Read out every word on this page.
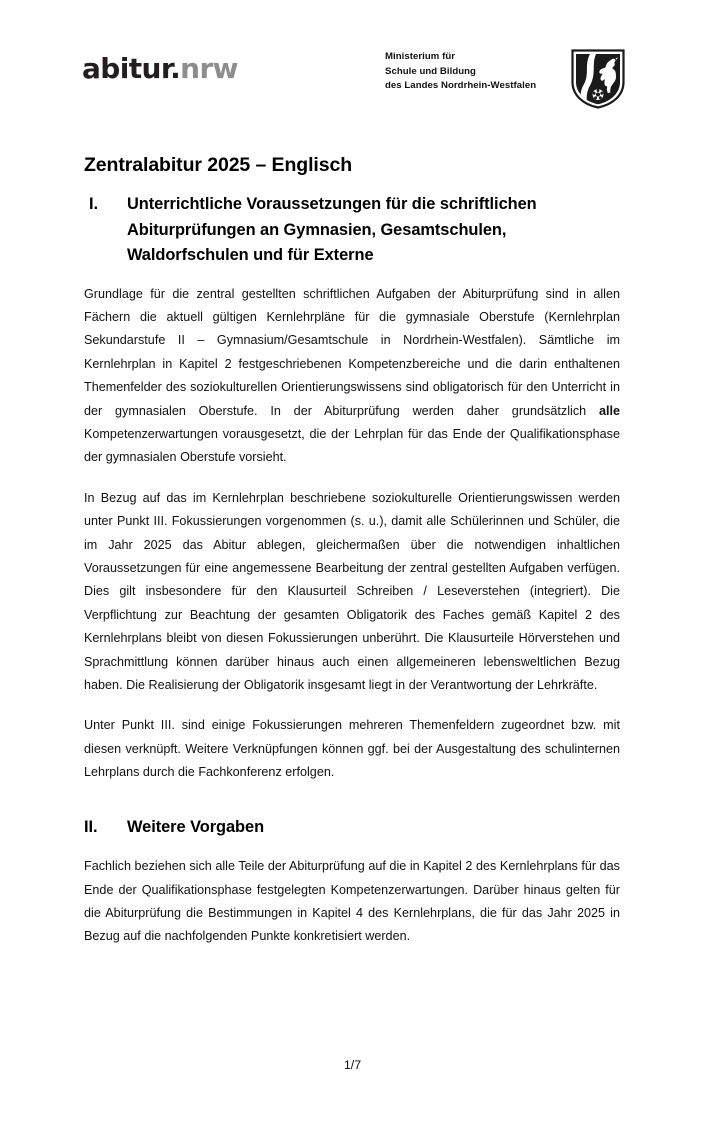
abitur.nrw	Ministerium für
Schule und Bildung
des Landes Nordrhein-Westfalen
Zentralabitur 2025 – Englisch
I.	Unterrichtliche Voraussetzungen für die schriftlichen Abiturprüfungen an Gymnasien, Gesamtschulen, Waldorfschulen und für Externe

Grundlage für die zentral gestellten schriftlichen Aufgaben der Abiturprüfung sind in allen Fächern die aktuell gültigen Kernlehrpläne für die gymnasiale Oberstufe (Kernlehrplan Sekundarstufe II – Gymnasium/Gesamtschule in Nordrhein-Westfalen). Sämtliche im Kernlehrplan in Kapitel 2 festgeschriebenen Kompetenzbereiche und die darin enthaltenen Themenfelder des soziokulturellen Orientierungswissens sind obligatorisch für den Unterricht in der gymnasialen Oberstufe. In der Abiturprüfung werden daher grundsätzlich alle Kompetenzerwartungen vorausgesetzt, die der Lehrplan für das Ende der Qualifikationsphase der gymnasialen Oberstufe vorsieht.

In Bezug auf das im Kernlehrplan beschriebene soziokulturelle Orientierungswissen werden unter Punkt III. Fokussierungen vorgenommen (s. u.), damit alle Schülerinnen und Schüler, die im Jahr 2025 das Abitur ablegen, gleichermaßen über die notwendigen inhaltlichen Voraussetzungen für eine angemessene Bearbeitung der zentral gestellten Aufgaben verfügen. Dies gilt insbesondere für den Klausurteil Schreiben / Leseverstehen (integriert). Die Verpflichtung zur Beachtung der gesamten Obligatorik des Faches gemäß Kapitel 2 des Kernlehrplans bleibt von diesen Fokussierungen unberührt. Die Klausurteile Hörverstehen und Sprachmittlung können darüber hinaus auch einen allgemeineren lebensweltlichen Bezug haben. Die Realisierung der Obligatorik insgesamt liegt in der Verantwortung der Lehrkräfte.

Unter Punkt III. sind einige Fokussierungen mehreren Themenfeldern zugeordnet bzw. mit diesen verknüpft. Weitere Verknüpfungen können ggf. bei der Ausgestaltung des schulinternen Lehrplans durch die Fachkonferenz erfolgen.

II.	Weitere Vorgaben

Fachlich beziehen sich alle Teile der Abiturprüfung auf die in Kapitel 2 des Kernlehrplans für das Ende der Qualifikationsphase festgelegten Kompetenzerwartungen. Darüber hinaus gelten für die Abiturprüfung die Bestimmungen in Kapitel 4 des Kernlehrplans, die für das Jahr 2025 in Bezug auf die nachfolgenden Punkte konkretisiert werden.

1/7
